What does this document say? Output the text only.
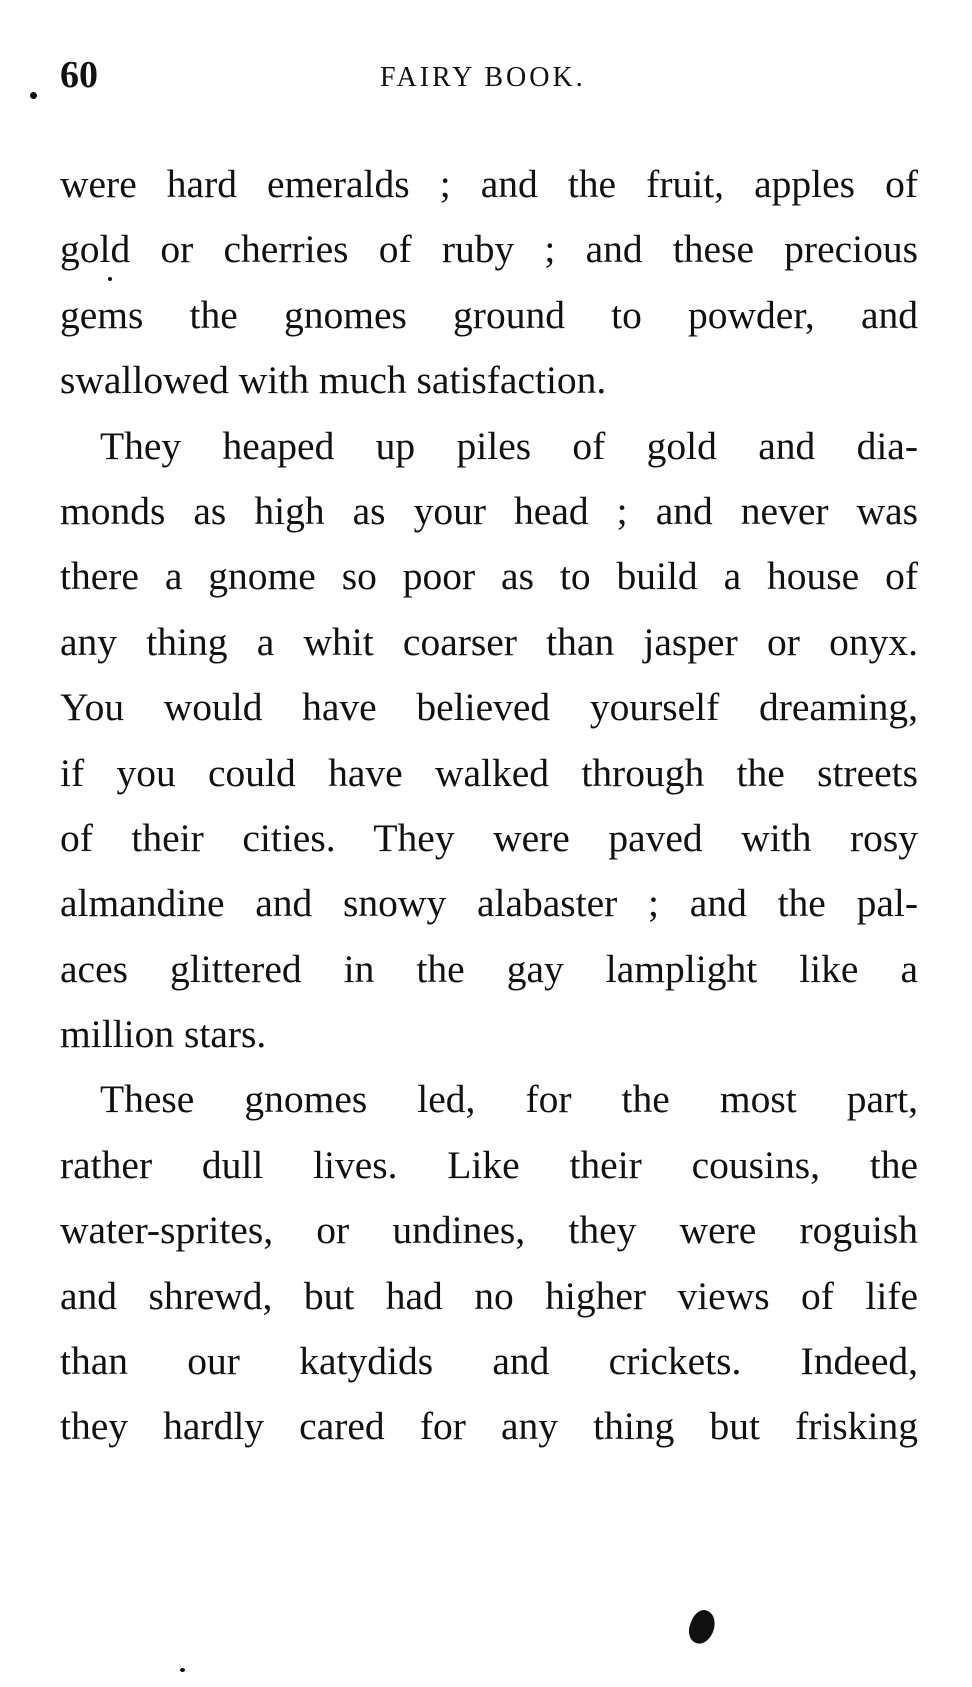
60	FAIRY BOOK.
were hard emeralds ; and the fruit, apples of
gold or cherries of ruby ; and these precious
gems the gnomes ground to powder, and
swallowed with much satisfaction.
They heaped up piles of gold and dia-
monds as high as your head ; and never was
there a gnome so poor as to build a house of
any thing a whit coarser than jasper or onyx.
You would have believed yourself dreaming,
if you could have walked through the streets
of their cities. They were paved with rosy
almandine and snowy alabaster ; and the pal-
aces glittered in the gay lamplight like a
million stars.
These gnomes led, for the most part,
rather dull lives. Like their cousins, the
water-sprites, or undines, they were roguish
and shrewd, but had no higher views of life
than our katydids and crickets. Indeed,
they hardly cared for any thing but frisking
